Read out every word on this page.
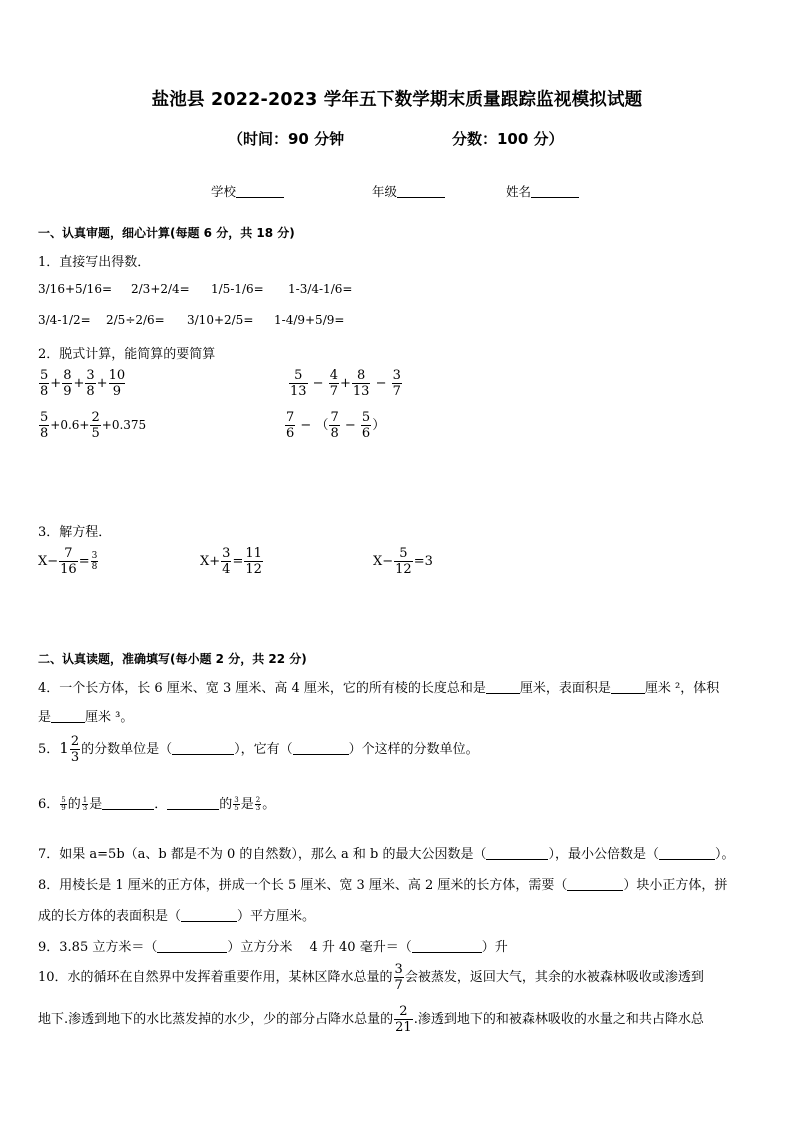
盐池县 2022-2023 学年五下数学期末质量跟踪监视模拟试题
（时间：90 分钟	分数：100 分）
学校	年级	姓名
一、认真审题，细心计算(每题 6 分，共 18 分)
1．直接写出得数．
3/16+5/16= 2/3+2/4= 1/5-1/6= 1-3/4-1/6=
3/4-1/2= 2/5÷2/6= 3/10+2/5= 1-4/9+5/9=
2．脱式计算，能简算的要简算
$\frac{5}{8} + \frac{8}{9} + \frac{3}{8} + \frac{10}{9}$	$\frac{5}{13} - \frac{4}{7} + \frac{8}{13} - \frac{3}{7}$
$\frac{5}{8} +0.6+ \frac{2}{5} +0.375$	$\frac{7}{6}$ − （ $\frac{7}{8} - \frac{5}{6}$ ）
3．解方程．
$X- \frac{7}{16} = \frac{3}{8}$	$X+ \frac{3}{4} = \frac{11}{12}$	$X- \frac{5}{12} =3$
二、认真读题，准确填写(每小题 2 分，共 22 分)
4．一个长方体，长 6 厘米、宽 3 厘米、高 4 厘米，它的所有棱的长度总和是	厘米，表面积是	厘米 ²，体积
是	厘米 ³。
5．$1 \frac{2}{3}$ 的分数单位是（	），它有（	）个这样的分数单位。
6． $\frac{5}{9}$ 的 $\frac{1}{3}$ 是	．	的 $\frac{3}{5}$ 是 $\frac{2}{3}$ 。
7．如果 a=5b（a、b 都是不为 0 的自然数），那么 a 和 b 的最大公因数是（	），最小公倍数是（	）。
8．用棱长是 1 厘米的正方体，拼成一个长 5 厘米、宽 3 厘米、高 2 厘米的长方体，需要（	）块小正方体，拼
成的长方体的表面积是（	）平方厘米。
9．3.85 立方米＝（	）立方分米　 4 升 40 毫升＝（	）升
10．水的循环在自然界中发挥着重要作用，某林区降水总量的 $\frac{3}{7}$ 会被蒸发，返回大气，其余的水被森林吸收或渗透到
地下.渗透到地下的水比蒸发掉的水少，少的部分占降水总量的 $\frac{2}{21}$ .渗透到地下的和被森林吸收的水量之和共占降水总
